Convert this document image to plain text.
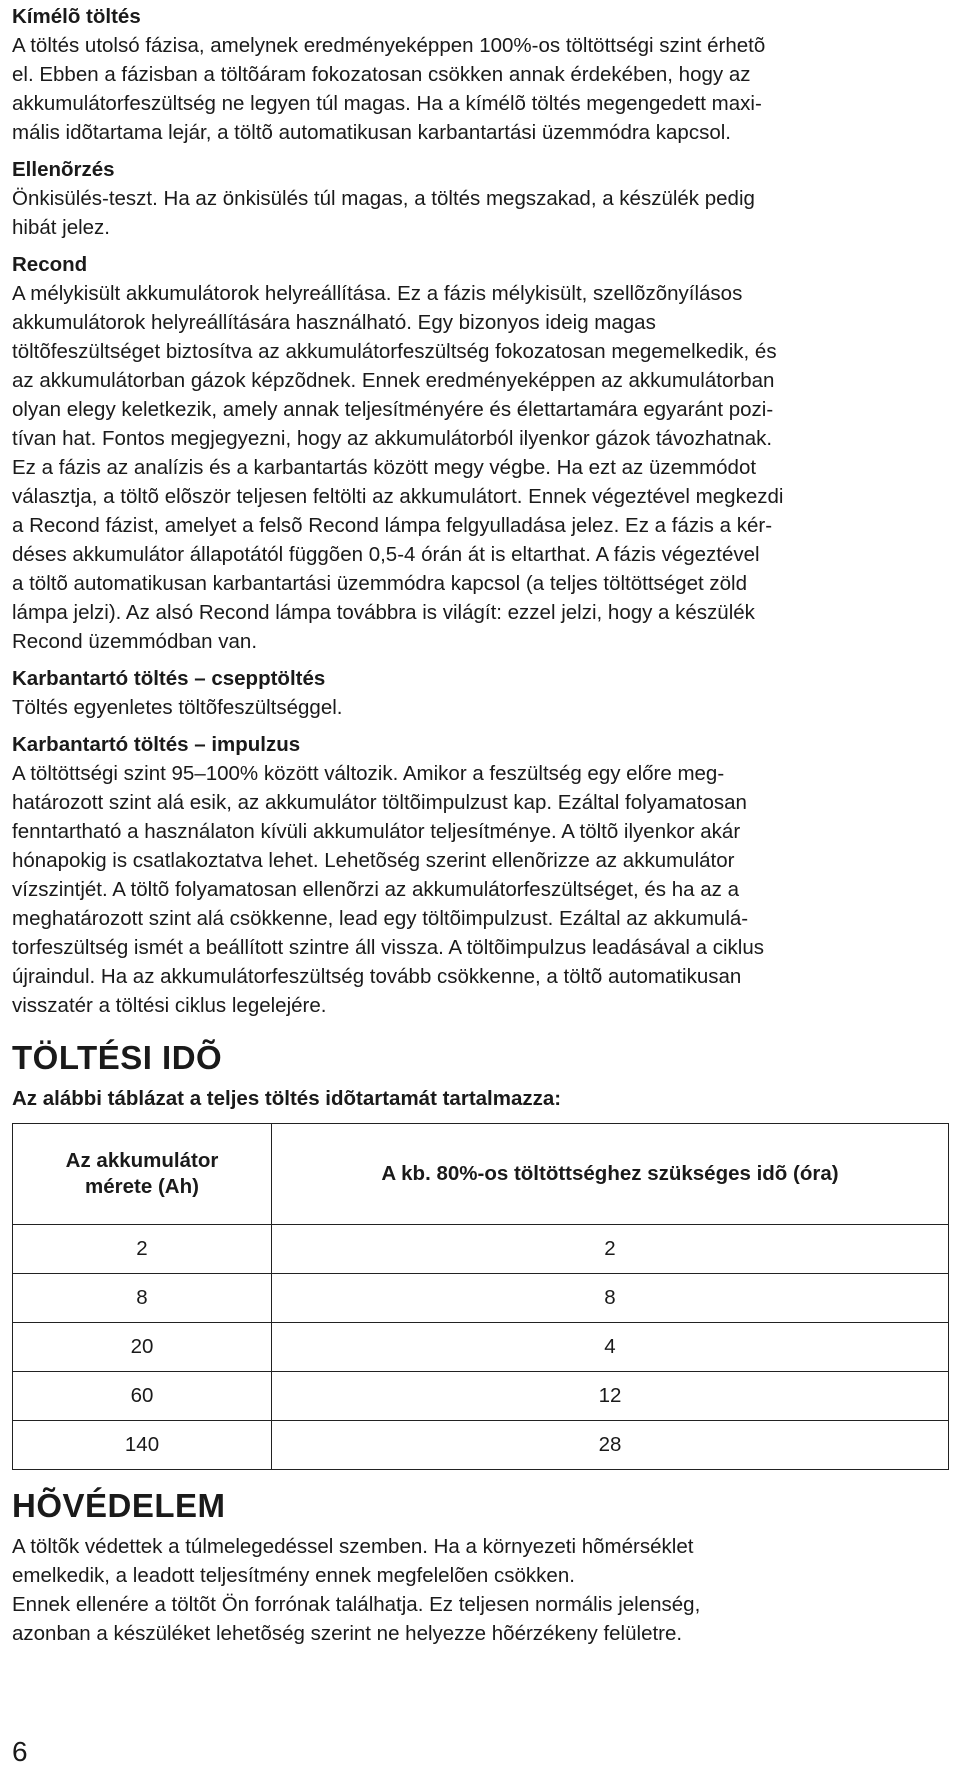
Kímélõ töltés
A töltés utolsó fázisa, amelynek eredményeképpen 100%-os töltöttségi szint érhetõ
el. Ebben a fázisban a töltõáram fokozatosan csökken annak érdekében, hogy az
akkumulátorfeszültség ne legyen túl magas. Ha a kímélõ töltés megengedett maxi-
mális idõtartama lejár, a töltõ automatikusan karbantartási üzemmódra kapcsol.
Ellenõrzés
Önkisülés-teszt. Ha az önkisülés túl magas, a töltés megszakad, a készülék pedig
hibát jelez.
Recond
A mélykisült akkumulátorok helyreállítása. Ez a fázis mélykisült, szellõzõnyílásos
akkumulátorok helyreállítására használható. Egy bizonyos ideig magas
töltõfeszültséget biztosítva az akkumulátorfeszültség fokozatosan megemelkedik, és
az akkumulátorban gázok képzõdnek. Ennek eredményeképpen az akkumulátorban
olyan elegy keletkezik, amely annak teljesítményére és élettartamára egyaránt pozi-
tívan hat. Fontos megjegyezni, hogy az akkumulátorból ilyenkor gázok távozhatnak.
Ez a fázis az analízis és a karbantartás között megy végbe. Ha ezt az üzemmódot
választja, a töltõ elõször teljesen feltölti az akkumulátort. Ennek végeztével megkezdi
a Recond fázist, amelyet a felsõ Recond lámpa felgyulladása jelez. Ez a fázis a kér-
déses akkumulátor állapotától függõen 0,5-4 órán át is eltarthat. A fázis végeztével
a töltõ automatikusan karbantartási üzemmódra kapcsol (a teljes töltöttséget zöld
lámpa jelzi). Az alsó Recond lámpa továbbra is világít: ezzel jelzi, hogy a készülék
Recond üzemmódban van.
Karbantartó töltés – csepptöltés
Töltés egyenletes töltõfeszültséggel.
Karbantartó töltés – impulzus
A töltöttségi szint 95–100% között változik. Amikor a feszültség egy előre meg-
határozott szint alá esik, az akkumulátor töltõimpulzust kap. Ezáltal folyamatosan
fenntartható a használaton kívüli akkumulátor teljesítménye. A töltõ ilyenkor akár
hónapokig is csatlakoztatva lehet. Lehetõség szerint ellenõrizze az akkumulátor
vízszintjét. A töltõ folyamatosan ellenõrzi az akkumulátorfeszültséget, és ha az a
meghatározott szint alá csökkenne, lead egy töltõimpulzust. Ezáltal az akkumulá-
torfeszültség ismét a beállított szintre áll vissza. A töltõimpulzus leadásával a ciklus
újraindul. Ha az akkumulátorfeszültség tovább csökkenne, a töltõ automatikusan
visszatér a töltési ciklus legelejére.
TÖLTÉSI IDÕ
Az alábbi táblázat a teljes töltés idõtartamát tartalmazza:
Az akkumulátor
mérete (Ah)	A kb. 80%-os töltöttséghez szükséges idõ (óra)
2	2
8	8
20	4
60	12
140	28
HÕVÉDELEM
A töltõk védettek a túlmelegedéssel szemben. Ha a környezeti hõmérséklet
emelkedik, a leadott teljesítmény ennek megfelelõen csökken.
Ennek ellenére a töltõt Ön forrónak találhatja. Ez teljesen normális jelenség,
azonban a készüléket lehetõség szerint ne helyezze hõérzékeny felületre.
6
